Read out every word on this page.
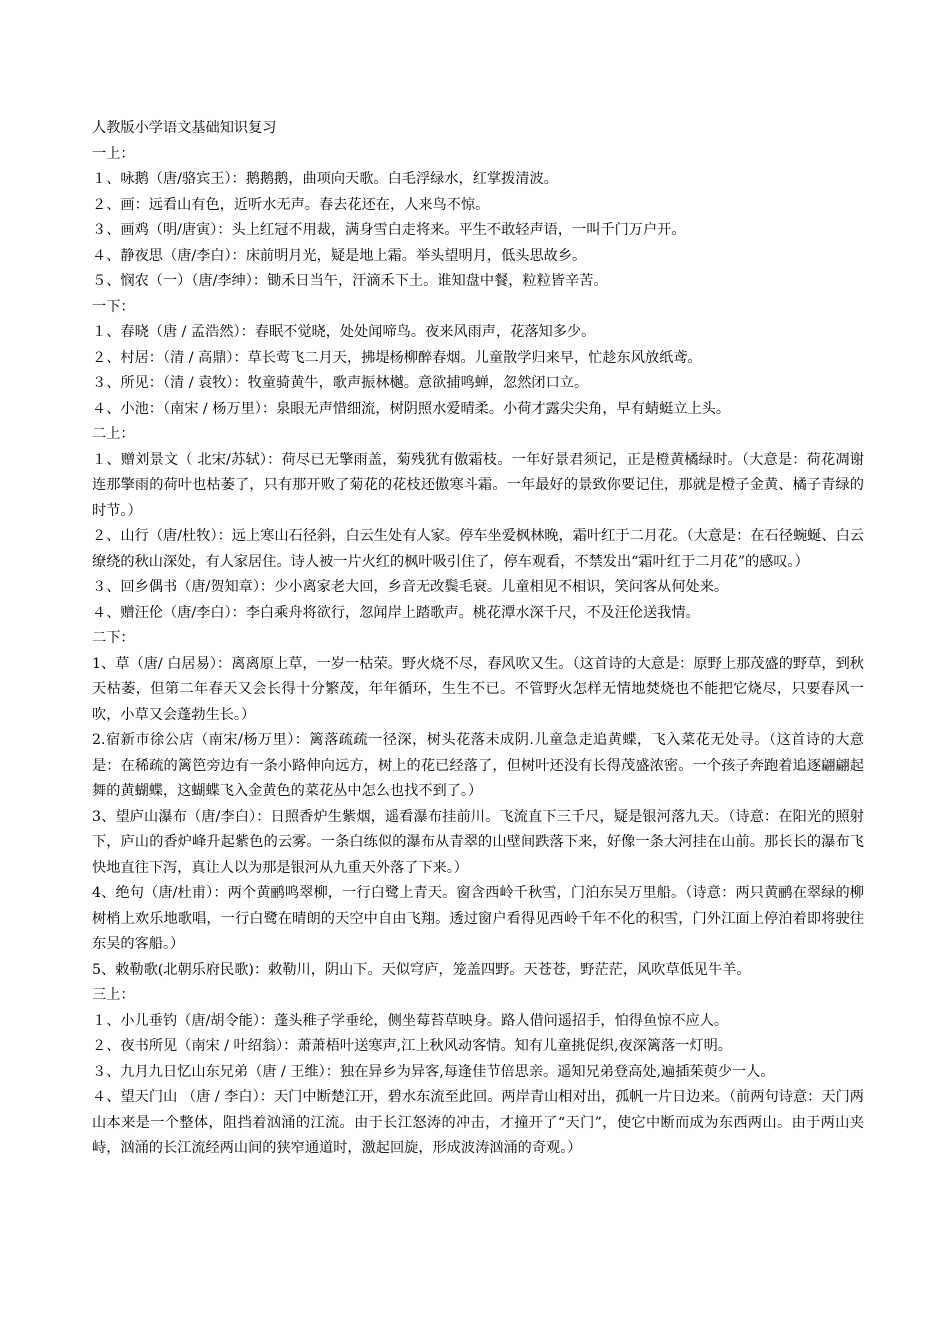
人教版小学语文基础知识复习

一上：

１、咏鹅（唐/骆宾王）：鹅鹅鹅，曲项向天歌。白毛浮绿水，红掌拨清波。

２、画：远看山有色，近听水无声。春去花还在，人来鸟不惊。

３、画鸡（明/唐寅）：头上红冠不用裁，满身雪白走将来。平生不敢轻声语，一叫千门万户开。

４、静夜思（唐/李白）：床前明月光，疑是地上霜。举头望明月，低头思故乡。

５、悯农（一）（唐/李绅）：锄禾日当午，汗滴禾下土。谁知盘中餐，粒粒皆辛苦。

一下：

１、春晓（唐 / 孟浩然）：春眠不觉晓，处处闻啼鸟。夜来风雨声，花落知多少。

２、村居：（清 / 高鼎）：草长莺飞二月天，拂堤杨柳醉春烟。儿童散学归来早，忙趁东风放纸鸢。

３、所见：（清 / 袁牧）：牧童骑黄牛，歌声振林樾。意欲捕鸣蝉，忽然闭口立。

４、小池：（南宋 / 杨万里）：泉眼无声惜细流，树阴照水爱晴柔。小荷才露尖尖角，早有蜻蜓立上头。

二上：

１、赠刘景文（ 北宋/苏轼）：荷尽已无擎雨盖，菊残犹有傲霜枝。一年好景君须记，正是橙黄橘绿时。（大意是：荷花凋谢连那擎雨的荷叶也枯萎了，只有那开败了菊花的花枝还傲寒斗霜。一年最好的景致你要记住，那就是橙子金黄、橘子青绿的时节。）

２、山行（唐/杜牧）：远上寒山石径斜，白云生处有人家。停车坐爱枫林晚，霜叶红于二月花。（大意是：在石径蜿蜒、白云缭绕的秋山深处，有人家居住。诗人被一片火红的枫叶吸引住了，停车观看，不禁发出“霜叶红于二月花”的感叹。）

３、回乡偶书（唐/贺知章）：少小离家老大回，乡音无改鬓毛衰。儿童相见不相识，笑问客从何处来。

４、赠汪伦（唐/李白）：李白乘舟将欲行，忽闻岸上踏歌声。桃花潭水深千尺，不及汪伦送我情。

二下：

1、草（唐/ 白居易）：离离原上草，一岁一枯荣。野火烧不尽，春风吹又生。（这首诗的大意是：原野上那茂盛的野草，到秋天枯萎，但第二年春天又会长得十分繁茂，年年循环，生生不已。不管野火怎样无情地焚烧也不能把它烧尽，只要春风一吹，小草又会蓬勃生长。）

2.宿新市徐公店（南宋/杨万里）：篱落疏疏一径深，树头花落未成阴.儿童急走追黄蝶，飞入菜花无处寻。（这首诗的大意是：在稀疏的篱笆旁边有一条小路伸向远方，树上的花已经落了，但树叶还没有长得茂盛浓密。一个孩子奔跑着追逐翩翩起舞的黄蝴蝶，这蝴蝶飞入金黄色的菜花丛中怎么也找不到了。）

3、望庐山瀑布（唐/李白）：日照香炉生紫烟，遥看瀑布挂前川。飞流直下三千尺，疑是银河落九天。（诗意：在阳光的照射下，庐山的香炉峰升起紫色的云雾。一条白练似的瀑布从青翠的山壁间跌落下来，好像一条大河挂在山前。那长长的瀑布飞快地直往下泻，真让人以为那是银河从九重天外落了下来。）

4、绝句（唐/杜甫）：两个黄鹂鸣翠柳，一行白鹭上青天。窗含西岭千秋雪，门泊东吴万里船。（诗意：两只黄鹂在翠绿的柳树梢上欢乐地歌唱，一行白鹭在晴朗的天空中自由飞翔。透过窗户看得见西岭千年不化的积雪，门外江面上停泊着即将驶往东吴的客船。）

5、敕勒歌(北朝乐府民歌)：敕勒川，阴山下。天似穹庐，笼盖四野。天苍苍，野茫茫，风吹草低见牛羊。

三上：

１、小儿垂钓（唐/胡令能）：蓬头稚子学垂纶，侧坐莓苔草映身。路人借问遥招手，怕得鱼惊不应人。

２、夜书所见（南宋 / 叶绍翁）：萧萧梧叶送寒声,江上秋风动客情。知有儿童挑促织,夜深篱落一灯明。

３、九月九日忆山东兄弟（唐 / 王维）：独在异乡为异客,每逢佳节倍思亲。遥知兄弟登高处,遍插茱萸少一人。

４、望天门山 （唐 / 李白）：天门中断楚江开，碧水东流至此回。两岸青山相对出，孤帆一片日边来。（前两句诗意：天门两山本来是一个整体，阻挡着汹涌的江流。由于长江怒涛的冲击，才撞开了“天门”，使它中断而成为东西两山。由于两山夹峙，汹涌的长江流经两山间的狭窄通道时，激起回旋，形成波涛汹涌的奇观。）
